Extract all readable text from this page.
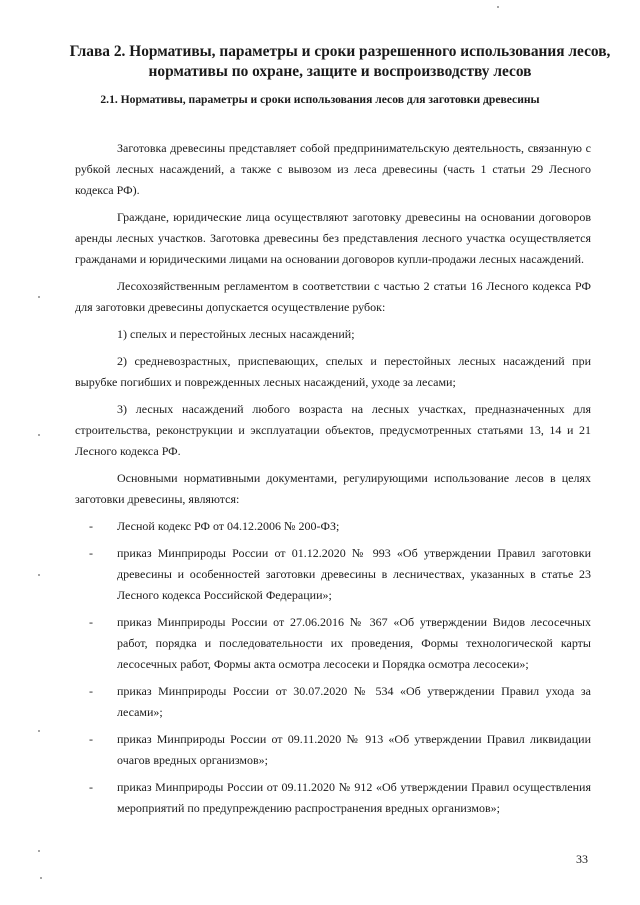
Глава 2. Нормативы, параметры и сроки разрешенного использования лесов, нормативы по охране, защите и воспроизводству лесов
2.1. Нормативы, параметры и сроки использования лесов для заготовки древесины

Заготовка древесины представляет собой предпринимательскую деятельность, связанную с рубкой лесных насаждений, а также с вывозом из леса древесины (часть 1 статьи 29 Лесного кодекса РФ).

Граждане, юридические лица осуществляют заготовку древесины на основании договоров аренды лесных участков. Заготовка древесины без представления лесного участка осуществляется гражданами и юридическими лицами на основании договоров купли-продажи лесных насаждений.

Лесохозяйственным регламентом в соответствии с частью 2 статьи 16 Лесного кодекса РФ для заготовки древесины допускается осуществление рубок:

1) спелых и перестойных лесных насаждений;

2) средневозрастных, приспевающих, спелых и перестойных лесных насаждений при вырубке погибших и поврежденных лесных насаждений, уходе за лесами;

3) лесных насаждений любого возраста на лесных участках, предназначенных для строительства, реконструкции и эксплуатации объектов, предусмотренных статьями 13, 14 и 21 Лесного кодекса РФ.

Основными нормативными документами, регулирующими использование лесов в целях заготовки древесины, являются:

- Лесной кодекс РФ от 04.12.2006 № 200-ФЗ;
- приказ Минприроды России от 01.12.2020 № 993 «Об утверждении Правил заготовки древесины и особенностей заготовки древесины в лесничествах, указанных в статье 23 Лесного кодекса Российской Федерации»;
- приказ Минприроды России от 27.06.2016 № 367 «Об утверждении Видов лесосечных работ, порядка и последовательности их проведения, Формы технологической карты лесосечных работ, Формы акта осмотра лесосеки и Порядка осмотра лесосеки»;
- приказ Минприроды России от 30.07.2020 № 534 «Об утверждении Правил ухода за лесами»;
- приказ Минприроды России от 09.11.2020 № 913 «Об утверждении Правил ликвидации очагов вредных организмов»;
- приказ Минприроды России от 09.11.2020 № 912 «Об утверждении Правил осуществления мероприятий по предупреждению распространения вредных организмов»;
33
